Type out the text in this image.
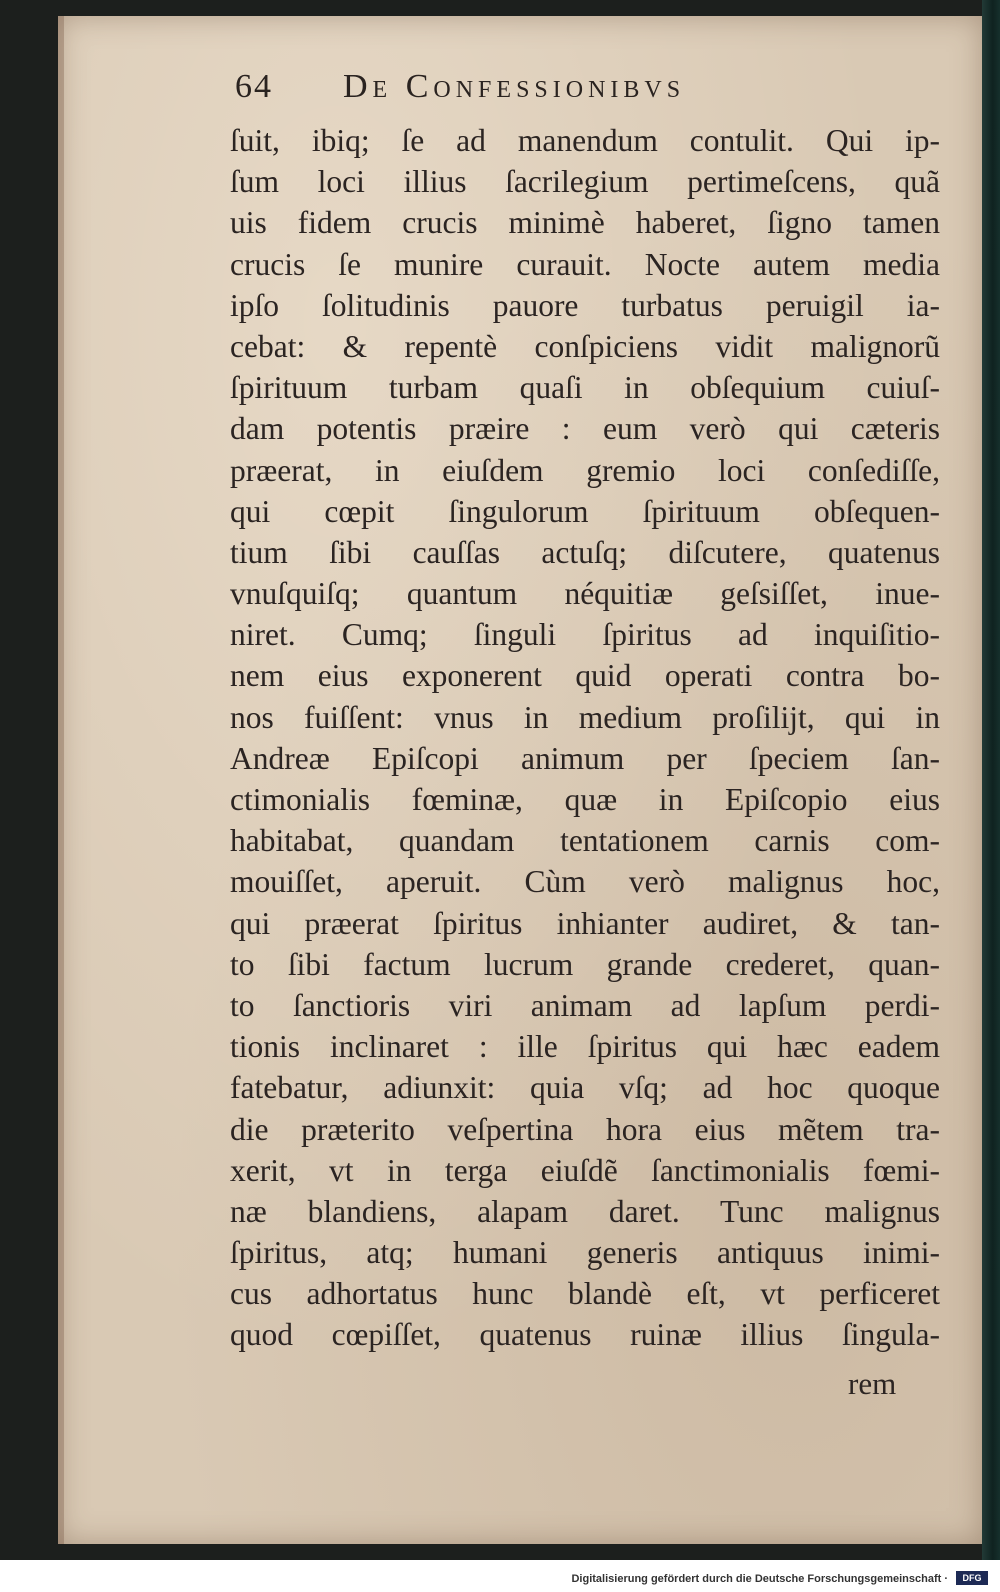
64 De Confessionibvs
ſuit, ibiq; ſe ad manendum contulit. Qui ip-
ſum loci illius ſacrilegium pertimeſcens, quã
uis fidem crucis minimè haberet, ſigno tamen
crucis ſe munire curauit. Nocte autem media
ipſo ſolitudinis pauore turbatus peruigil ia-
cebat: & repentè conſpiciens vidit malignorũ
ſpirituum turbam quaſi in obſequium cuiuſ-
dam potentis præire : eum verò qui cæteris
præerat, in eiuſdem gremio loci conſediſſe,
qui cœpit ſingulorum ſpirituum obſequen-
tium ſibi cauſſas actuſq; diſcutere, quatenus
vnuſquiſq; quantum néquitiæ geſsiſſet, inue-
niret. Cumq; ſinguli ſpiritus ad inquiſitio-
nem eius exponerent quid operati contra bo-
nos fuiſſent: vnus in medium proſilijt, qui in
Andreæ Epiſcopi animum per ſpeciem ſan-
ctimonialis fœminæ, quæ in Epiſcopio eius
habitabat, quandam tentationem carnis com-
mouiſſet, aperuit. Cùm verò malignus hoc,
qui præerat ſpiritus inhianter audiret, & tan-
to ſibi factum lucrum grande crederet, quan-
to ſanctioris viri animam ad lapſum perdi-
tionis inclinaret : ille ſpiritus qui hæc eadem
fatebatur, adiunxit: quia vſq; ad hoc quoque
die præterito veſpertina hora eius mẽtem tra-
xerit, vt in terga eiuſdẽ ſanctimonialis fœmi-
næ blandiens, alapam daret. Tunc malignus
ſpiritus, atq; humani generis antiquus inimi-
cus adhortatus hunc blandè eſt, vt perficeret
quod cœpiſſet, quatenus ruinæ illius ſingula-
rem
Digitalisierung gefördert durch die Deutsche Forschungsgemeinschaft ·	DFG
